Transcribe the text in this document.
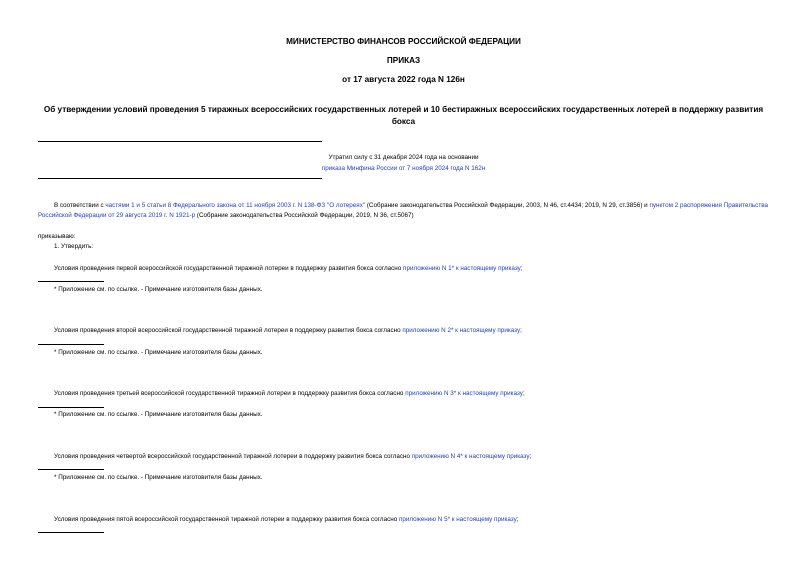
МИНИСТЕРСТВО ФИНАНСОВ РОССИЙСКОЙ ФЕДЕРАЦИИ
ПРИКАЗ
от 17 августа 2022 года N 126н
Об утверждении условий проведения 5 тиражных всероссийских государственных лотерей и 10 бестиражных всероссийских государственных лотерей в поддержку развития бокса
Утратил силу с 31 декабря 2024 года на основании
приказа Минфина России от 7 ноября 2024 года N 162н
В соответствии с частями 1 и 5 статьи 8 Федерального закона от 11 ноября 2003 г. N 138-ФЗ "О лотереях" (Собрание законодательства Российской Федерации, 2003, N 46, ст.4434; 2019, N 29, ст.3856) и пунктом 2 распоряжения Правительства Российской Федерации от 29 августа 2019 г. N 1921-р (Собрание законодательства Российской Федерации, 2019, N 36, ст.5067)
приказываю:
1. Утвердить:
Условия проведения первой всероссийской государственной тиражной лотереи в поддержку развития бокса согласно приложению N 1* к настоящему приказу;
* Приложение см. по ссылке. - Примечание изготовителя базы данных.
Условия проведения второй всероссийской государственной тиражной лотереи в поддержку развития бокса согласно приложению N 2* к настоящему приказу;
* Приложение см. по ссылке. - Примечание изготовителя базы данных.
Условия проведения третьей всероссийской государственной тиражной лотереи в поддержку развития бокса согласно приложению N 3* к настоящему приказу;
* Приложение см. по ссылке. - Примечание изготовителя базы данных.
Условия проведения четвертой всероссийской государственной тиражной лотереи в поддержку развития бокса согласно приложению N 4* к настоящему приказу;
* Приложение см. по ссылке. - Примечание изготовителя базы данных.
Условия проведения пятой всероссийской государственной тиражной лотереи в поддержку развития бокса согласно приложению N 5* к настоящему приказу;
